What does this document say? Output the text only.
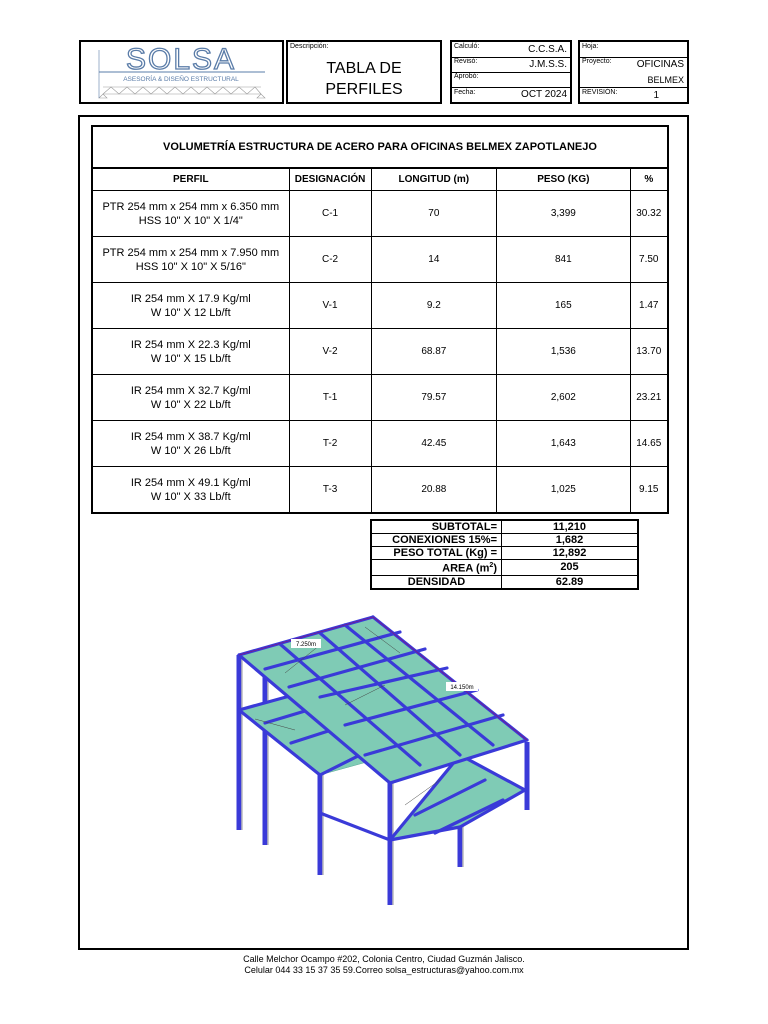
SOLSA
ASESORÍA & DISEÑO ESTRUCTURAL
Descripción:
TABLA DE
PERFILES
Calculó:	C.C.S.A.
Revisó:	J.M.S.S.
Aprobó:
Fecha:	OCT 2024
Hoja:
Proyecto:	OFICINAS
BELMEX
REVISIÓN:	1
VOLUMETRÍA ESTRUCTURA DE ACERO PARA OFICINAS BELMEX ZAPOTLANEJO				
PERFIL	DESIGNACIÓN	LONGITUD (m)	PESO (KG)	%
PTR 254 mm x 254 mm x 6.350 mm
HSS 10" X 10" X 1/4"	C-1	70	3,399	30.32
PTR 254 mm x 254 mm x 7.950 mm
HSS 10" X 10" X 5/16"	C-2	14	841	7.50
IR 254 mm X 17.9 Kg/ml
W 10" X 12 Lb/ft	V-1	9.2	165	1.47
IR 254 mm X 22.3 Kg/ml
W 10" X 15 Lb/ft	V-2	68.87	1,536	13.70
IR 254 mm X 32.7 Kg/ml
W 10" X 22 Lb/ft	T-1	79.57	2,602	23.21
IR 254 mm X 38.7 Kg/ml
W 10" X 26 Lb/ft	T-2	42.45	1,643	14.65
IR 254 mm X 49.1 Kg/ml
W 10" X 33 Lb/ft	T-3	20.88	1,025	9.15
SUBTOTAL=	11,210
CONEXIONES 15%=	1,682
PESO TOTAL (Kg) =	12,892
AREA $(m^2)$	205
DENSIDAD	62.89
7.250m
14.150m
Calle Melchor Ocampo #202, Colonia Centro, Ciudad Guzmán Jalisco.
Celular 044 33 15 37 35 59.Correo solsa_estructuras@yahoo.com.mx
